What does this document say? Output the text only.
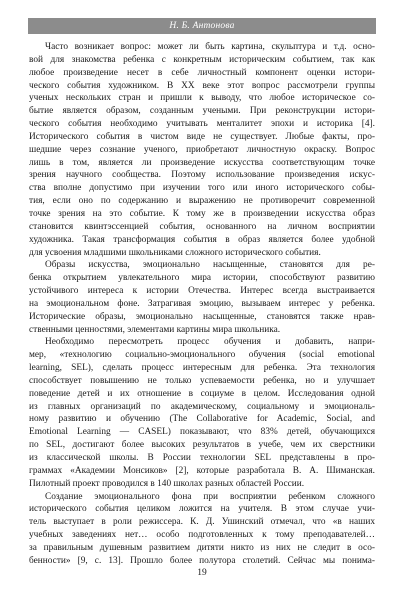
Н. Б. Антонова
Часто возникает вопрос: может ли быть картина, скульптура и т.д. осно-
вой для знакомства ребенка с конкретным историческим событием, так как
любое произведение несет в себе личностный компонент оценки истори-
ческого события художником. В XX веке этот вопрос рассмотрели группы
ученых нескольких стран и пришли к выводу, что любое историческое со-
бытие является образом, созданным учеными. При реконструкции истори-
ческого события необходимо учитывать менталитет эпохи и историка [4].
Исторического события в чистом виде не существует. Любые факты, про-
шедшие через сознание ученого, приобретают личностную окраску. Вопрос
лишь в том, является ли произведение искусства соответствующим точке
зрения научного сообщества. Поэтому использование произведения искус-
ства вполне допустимо при изучении того или иного исторического собы-
тия, если оно по содержанию и выражению не противоречит современной
точке зрения на это событие. К тому же в произведении искусства образ
становится квинтэссенцией события, основанного на личном восприятии
художника. Такая трансформация события в образ является более удобной
для усвоения младшими школьниками сложного исторического события.
Образы искусства, эмоционально насыщенные, становятся для ре-
бенка открытием увлекательного мира истории, способствуют развитию
устойчивого интереса к истории Отечества. Интерес всегда выстраивается
на эмоциональном фоне. Затрагивая эмоцию, вызываем интерес у ребенка.
Исторические образы, эмоционально насыщенные, становятся также нрав-
ственными ценностями, элементами картины мира школьника.
Необходимо пересмотреть процесс обучения и добавить, напри-
мер, «технологию социально-эмоционального обучения (social emotional
learning, SEL), сделать процесс интересным для ребенка. Эта технология
способствует повышению не только успеваемости ребенка, но и улучшает
поведение детей и их отношение в социуме в целом. Исследования одной
из главных организаций по академическому, социальному и эмоциональ-
ному развитию и обучению (The Collaborative for Academic, Social, and
Emotional Learning — CASEL) показывают, что 83% детей, обучающихся
по SEL, достигают более высоких результатов в учебе, чем их сверстники
из классической школы. В России технологии SEL представлены в про-
граммах «Академии Монсиков» [2], которые разработала В. А. Шиманская.
Пилотный проект проводился в 140 школах разных областей России.
Создание эмоционального фона при восприятии ребенком сложного
исторического события целиком ложится на учителя. В этом случае учи-
тель выступает в роли режиссера. К. Д. Ушинский отмечал, что «в наших
учебных заведениях нет… особо подготовленных к тому преподавателей…
за правильным душевным развитием дитяти никто из них не следит в осо-
бенности» [9, с. 13]. Прошло более полутора столетий. Сейчас мы понима-
19
